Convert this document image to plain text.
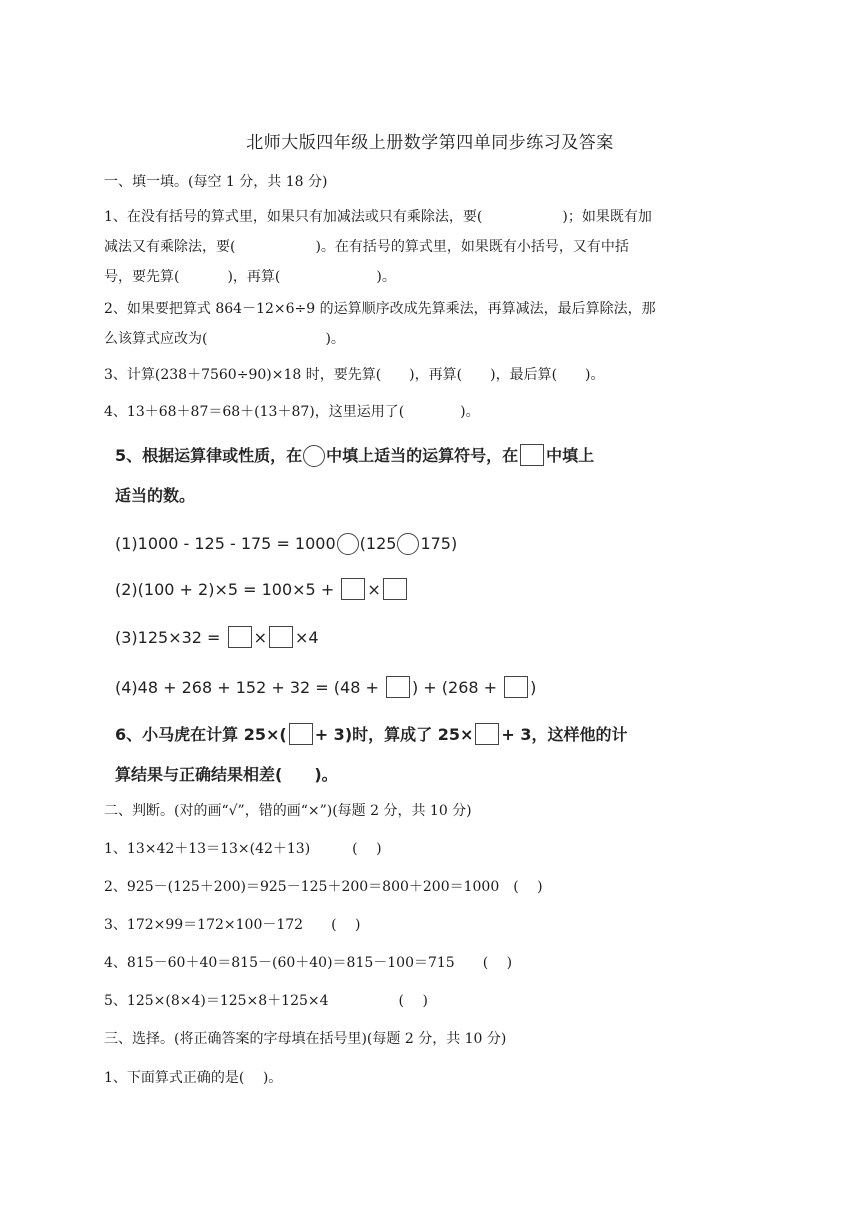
北师大版四年级上册数学第四单同步练习及答案
一、填一填。(每空 1 分，共 18 分)
1、在没有括号的算式里，如果只有加减法或只有乘除法，要(	)；如果既有加
减法又有乘除法，要(	)。在有括号的算式里，如果既有小括号，又有中括
号，要先算(	)，再算(	)。
2、如果要把算式 864－12×6÷9 的运算顺序改成先算乘法，再算减法，最后算除法，那
么该算式应改为(	)。
3、计算(238＋7560÷90)×18 时，要先算(　　)，再算(　　)，最后算(　　)。
4、13＋68＋87＝68＋(13＋87)，这里运用了(　　　　)。
5、根据运算律或性质，在 中填上适当的运算符号，在 中填上
适当的数。
(1)1000 - 125 - 175 = 1000 (125 175)
(2)(100 + 2)×5 = 100×5 + ×
(3)125×32 = × ×4
(4)48 + 268 + 152 + 32 = (48 + ) + (268 + )
6、小马虎在计算 25×( + 3)时，算成了 25× + 3，这样他的计
算结果与正确结果相差(　　)。
二、判断。(对的画“√”，错的画“×”)(每题 2 分，共 10 分)
1、13×42＋13＝13×(42＋13)　　　(　 )
2、925－(125＋200)＝925－125＋200＝800＋200＝1000　(　 )
3、172×99＝172×100－172　　(　 )
4、815－60＋40＝815－(60＋40)＝815－100＝715　　(　 )
5、125×(8×4)＝125×8＋125×4　　　　　(　 )
三、选择。(将正确答案的字母填在括号里)(每题 2 分，共 10 分)
1、下面算式正确的是(　 )。
